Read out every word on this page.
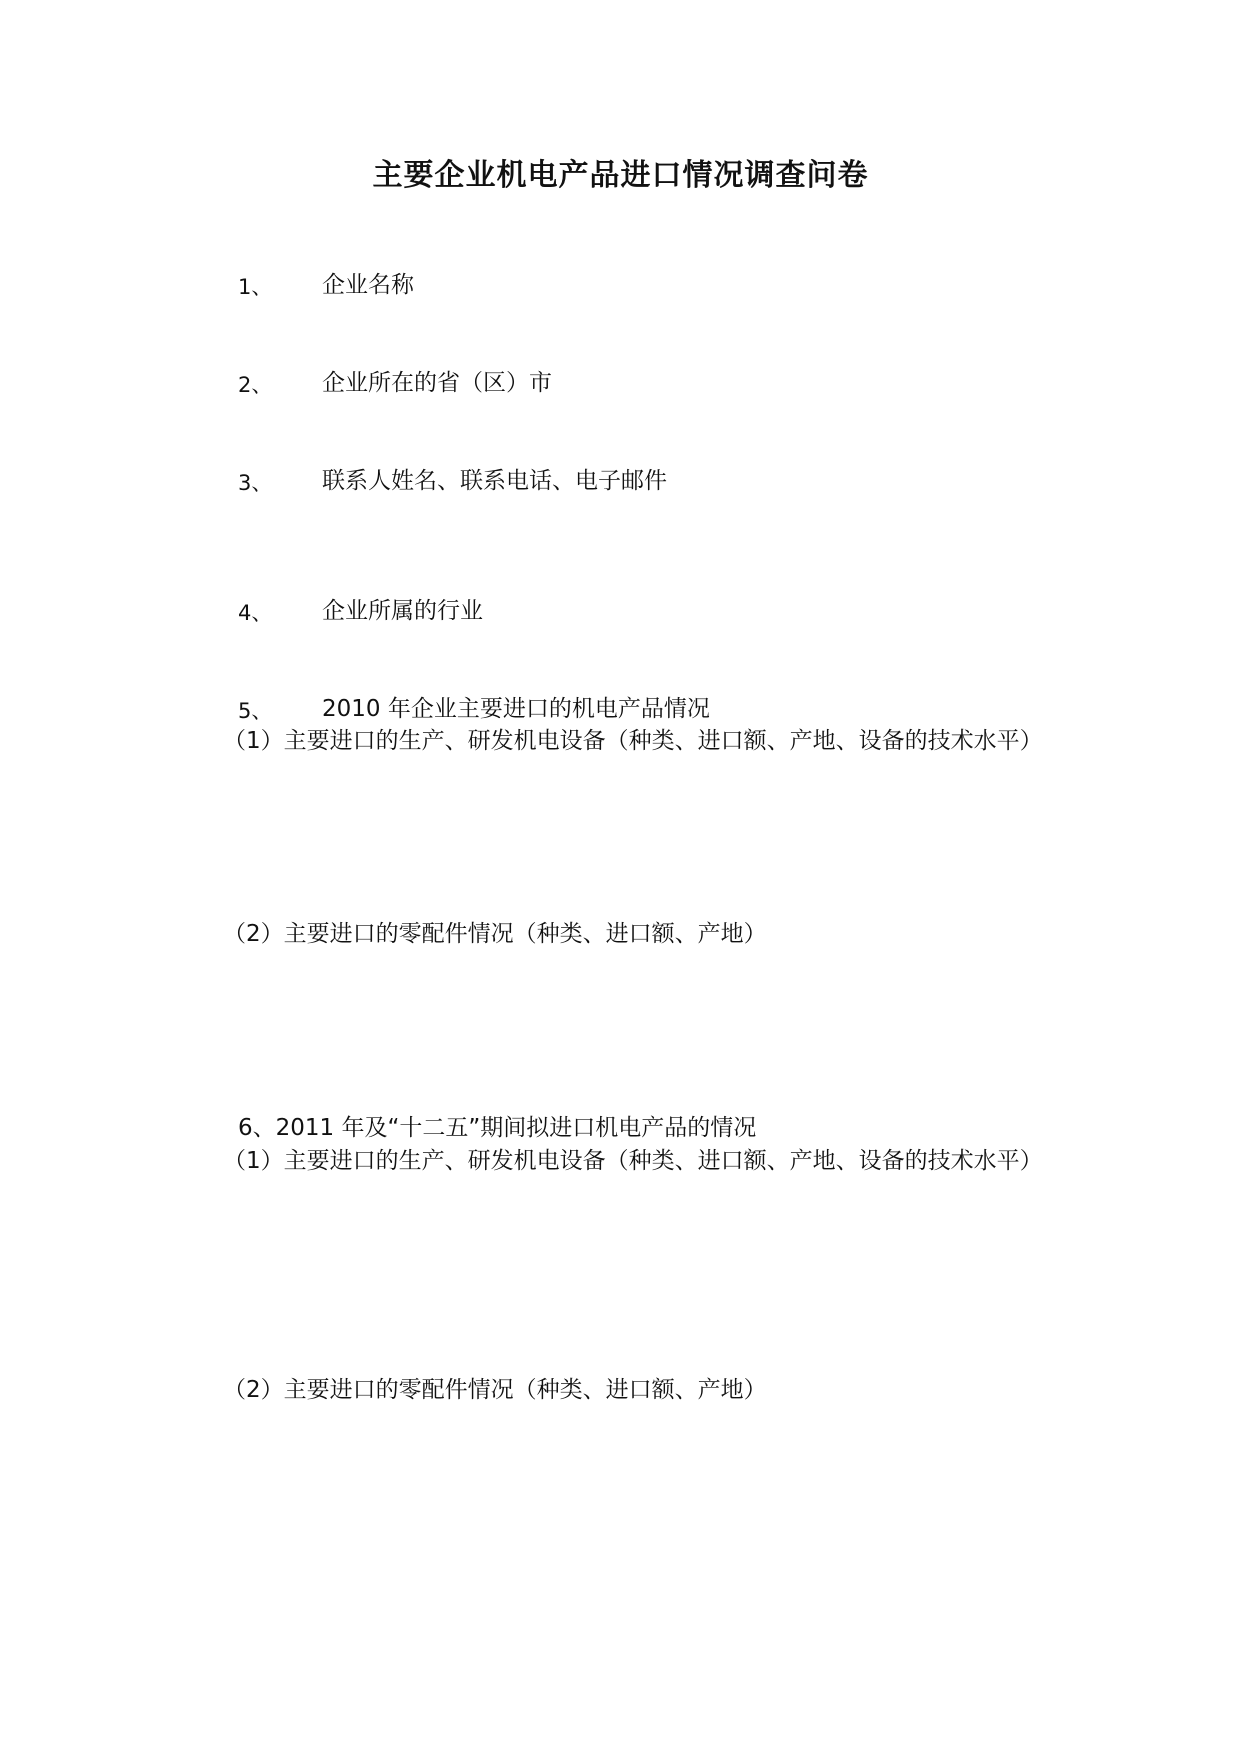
主要企业机电产品进口情况调查问卷
1、 企业名称
2、 企业所在的省（区）市
3、 联系人姓名、联系电话、电子邮件
4、 企业所属的行业
5、 2010 年企业主要进口的机电产品情况

（1）主要进口的生产、研发机电设备（种类、进口额、产地、设备的技术水平）

（2）主要进口的零配件情况（种类、进口额、产地）

6、2011 年及“十二五”期间拟进口机电产品的情况

（1）主要进口的生产、研发机电设备（种类、进口额、产地、设备的技术水平）

（2）主要进口的零配件情况（种类、进口额、产地）
